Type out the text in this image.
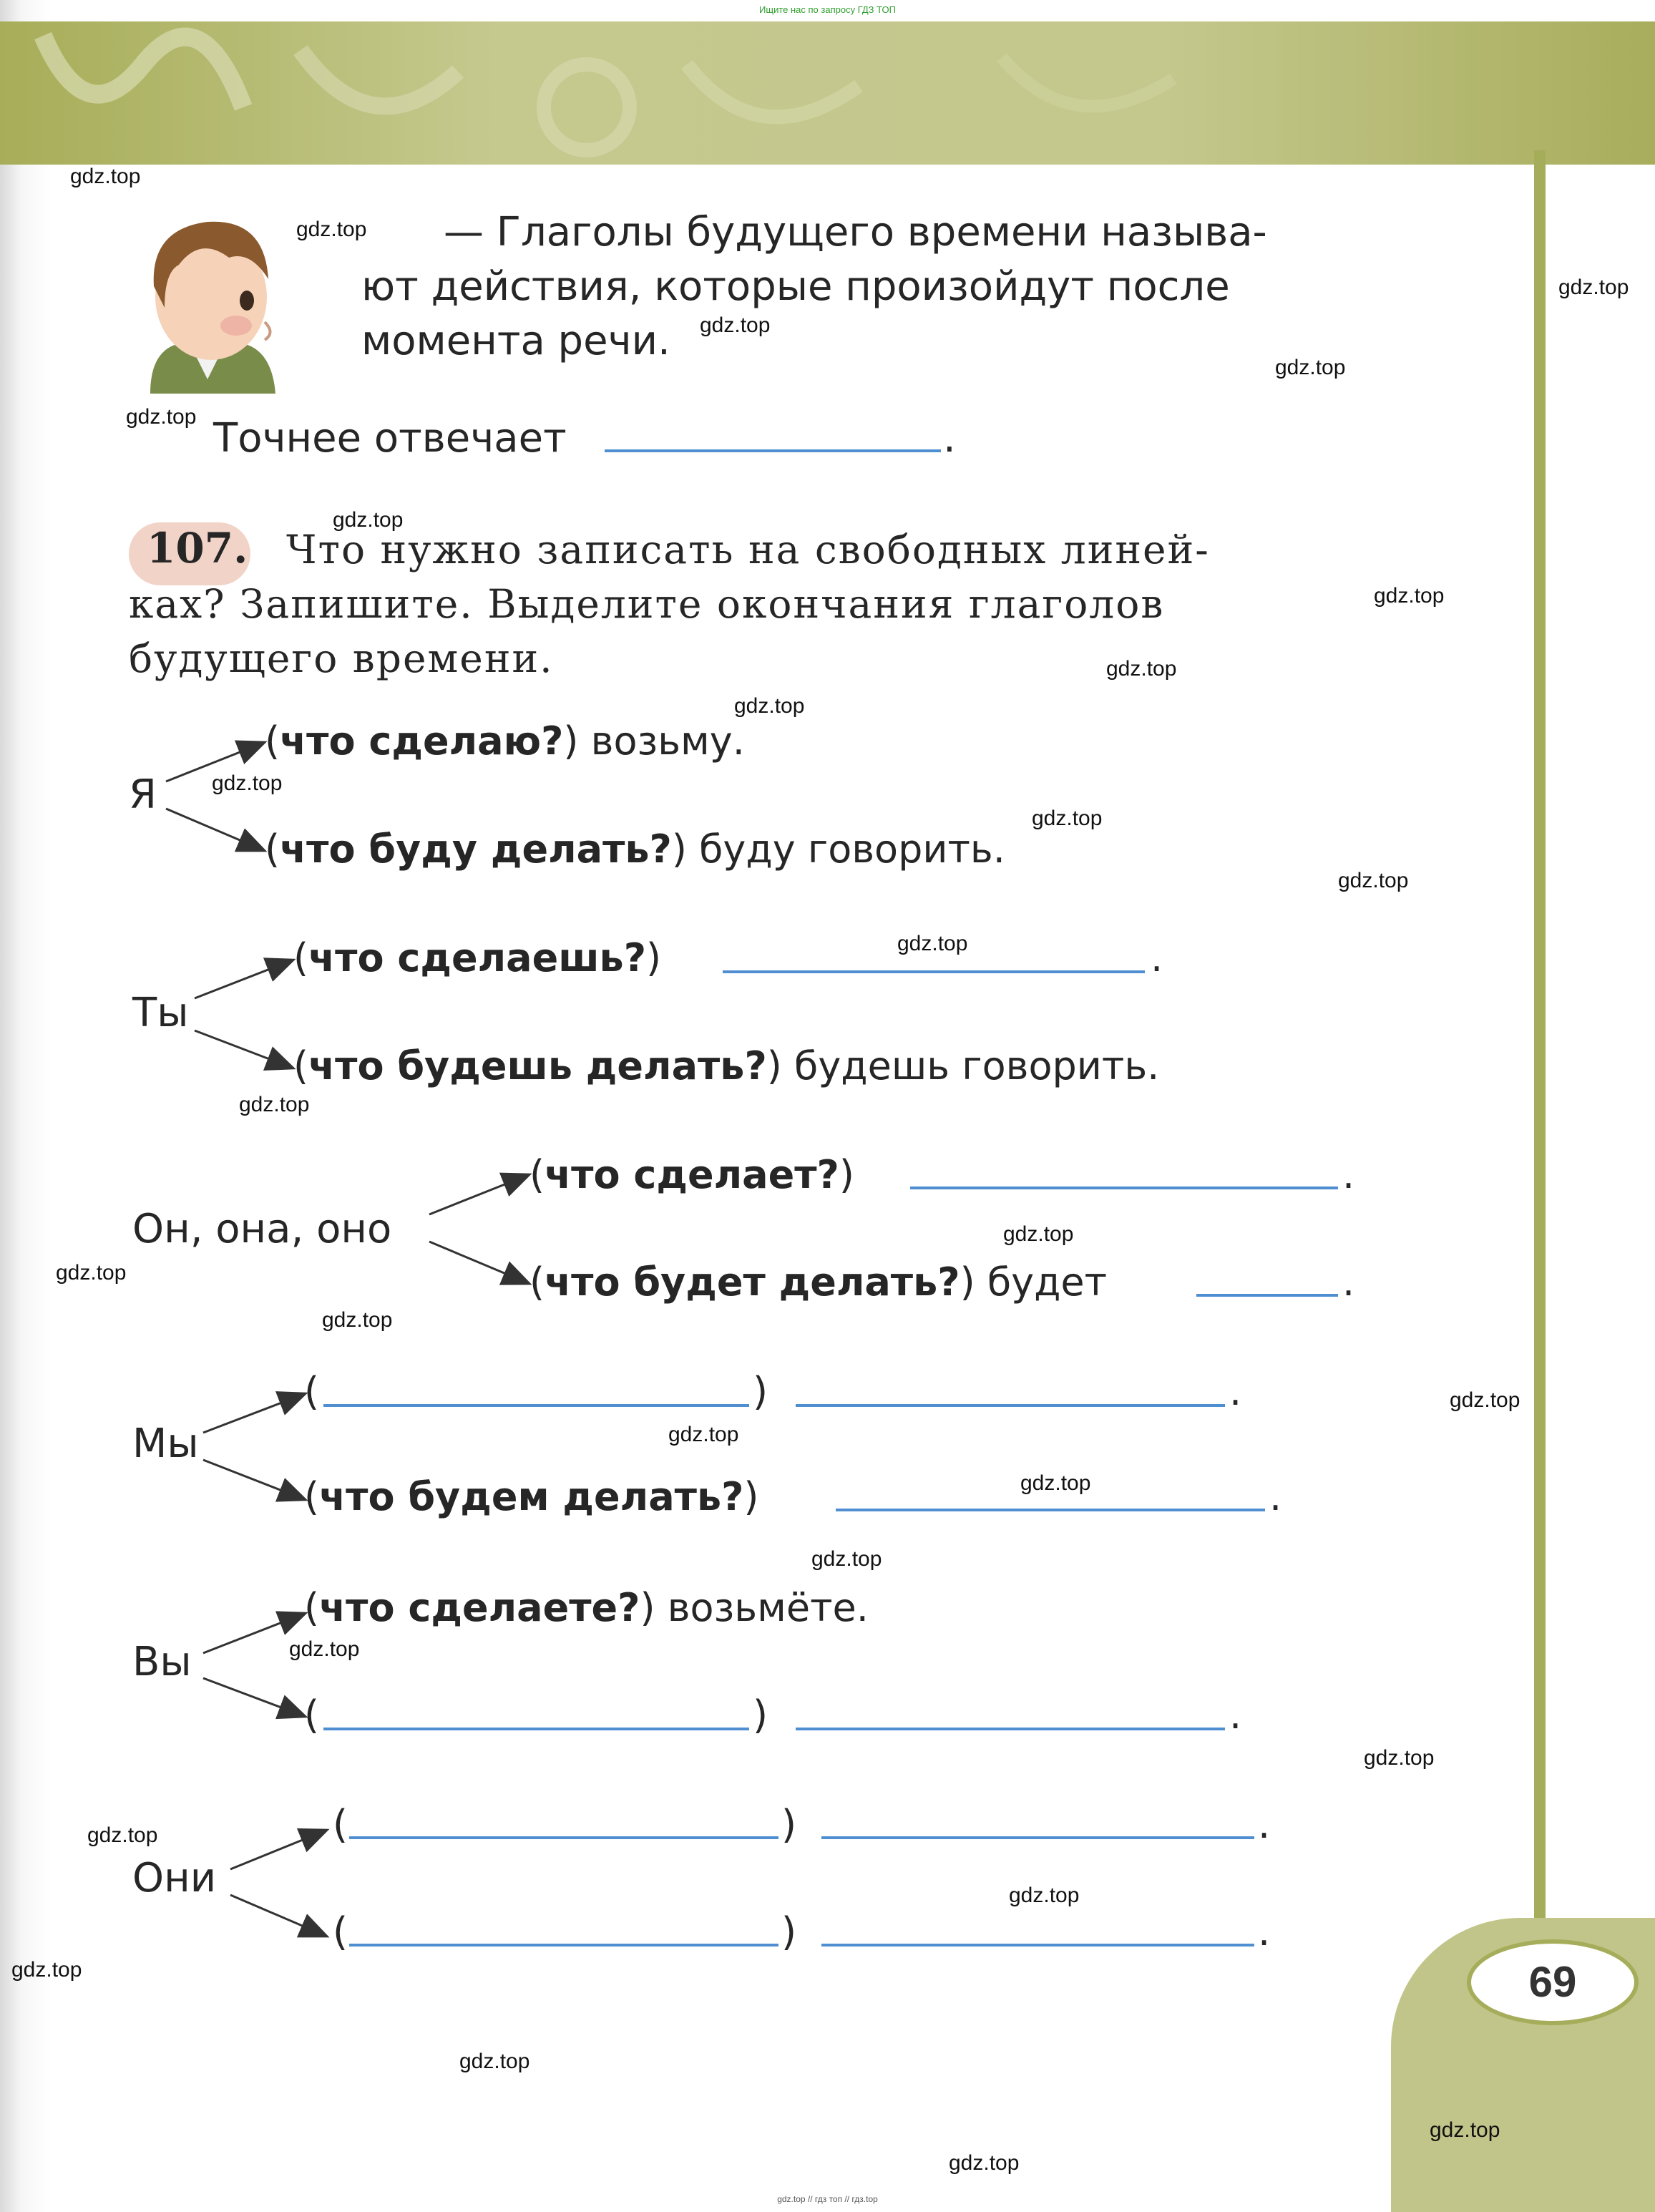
Ищите нас по запросу ГДЗ ТОП
69
— Глаголы будущего времени называ-
ют действия, которые произойдут после
момента речи.
Точнее отвечает	.
107. Что нужно записать на свободных линей-
ках? Запишите. Выделите окончания глаголов
будущего времени.
Я
(что сделаю?) возьму.
(что буду делать?) буду говорить.
Ты
(что сделаешь?)	.
(что будешь делать?) будешь говорить.
Он, она, оно
(что сделает?)	.
(что будет делать?) будет	.
Мы
(	)	.
(что будем делать?)	.
Вы
(что сделаете?) возьмёте.
(	)	.
Они
(	)	.
(	)	.
gdz.top
gdz.top
gdz.top
gdz.top
gdz.top
gdz.top
gdz.top
gdz.top
gdz.top
gdz.top
gdz.top
gdz.top
gdz.top
gdz.top
gdz.top
gdz.top
gdz.top
gdz.top
gdz.top
gdz.top
gdz.top
gdz.top
gdz.top
gdz.top
gdz.top
gdz.top
gdz.top
gdz.top
gdz.top
gdz.top
gdz.top // гдз топ // гдз.top
